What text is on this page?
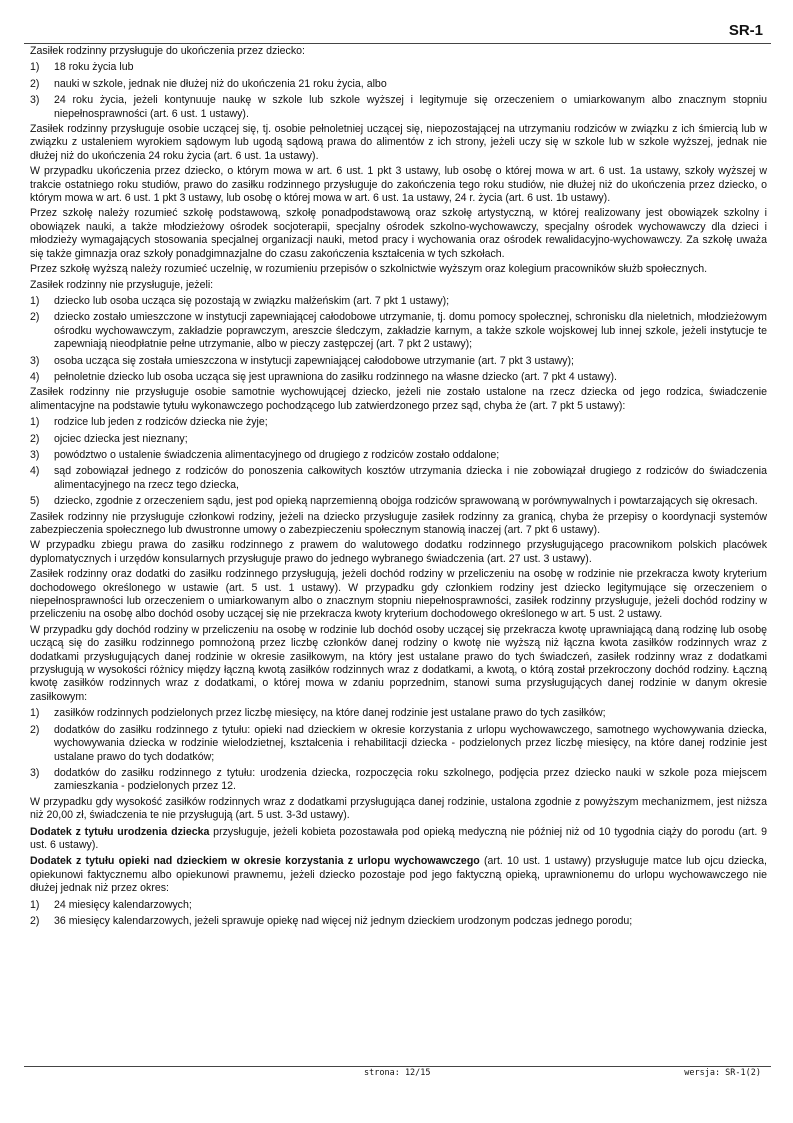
SR-1
Zasiłek rodzinny przysługuje do ukończenia przez dziecko:
1)	18 roku życia lub
2)	nauki w szkole, jednak nie dłużej niż do ukończenia 21 roku życia, albo
3)	24 roku życia, jeżeli kontynuuje naukę w szkole lub szkole wyższej i legitymuje się orzeczeniem o umiarkowanym albo znacznym stopniu niepełnosprawności (art. 6 ust. 1 ustawy).
Zasiłek rodzinny przysługuje osobie uczącej się, tj. osobie pełnoletniej uczącej się, niepozostającej na utrzymaniu rodziców w związku z ich śmiercią lub w związku z ustaleniem wyrokiem sądowym lub ugodą sądową prawa do alimentów z ich strony, jeżeli uczy się w szkole lub w szkole wyższej, jednak nie dłużej niż do ukończenia 24 roku życia (art. 6 ust. 1a ustawy).
W przypadku ukończenia przez dziecko, o którym mowa w art. 6 ust. 1 pkt 3 ustawy, lub osobę o której mowa w art. 6 ust. 1a ustawy, szkoły wyższej w trakcie ostatniego roku studiów, prawo do zasiłku rodzinnego przysługuje do zakończenia tego roku studiów, nie dłużej niż do ukończenia przez dziecko, o którym mowa w art. 6 ust. 1 pkt 3 ustawy, lub osobę o której mowa w art. 6 ust. 1a ustawy, 24 r. życia (art. 6 ust. 1b ustawy).
Przez szkołę należy rozumieć szkołę podstawową, szkołę ponadpodstawową oraz szkołę artystyczną, w której realizowany jest obowiązek szkolny i obowiązek nauki, a także młodzieżowy ośrodek socjoterapii, specjalny ośrodek szkolno-wychowawczy, specjalny ośrodek wychowawczy dla dzieci i młodzieży wymagających stosowania specjalnej organizacji nauki, metod pracy i wychowania oraz ośrodek rewalidacyjno-wychowawczy. Za szkołę uważa się także gimnazja oraz szkoły ponadgimnazjalne do czasu zakończenia kształcenia w tych szkołach.
Przez szkołę wyższą należy rozumieć uczelnię, w rozumieniu przepisów o szkolnictwie wyższym oraz kolegium pracowników służb społecznych.
Zasiłek rodzinny nie przysługuje, jeżeli:
1)	dziecko lub osoba ucząca się pozostają w związku małżeńskim (art. 7 pkt 1 ustawy);
2)	dziecko zostało umieszczone w instytucji zapewniającej całodobowe utrzymanie, tj. domu pomocy społecznej, schronisku dla nieletnich, młodzieżowym ośrodku wychowawczym, zakładzie poprawczym, areszcie śledczym, zakładzie karnym, a także szkole wojskowej lub innej szkole, jeżeli instytucje te zapewniają nieodpłatnie pełne utrzymanie, albo w pieczy zastępczej (art. 7 pkt 2 ustawy);
3)	osoba ucząca się została umieszczona w instytucji zapewniającej całodobowe utrzymanie (art. 7 pkt 3 ustawy);
4)	pełnoletnie dziecko lub osoba ucząca się jest uprawniona do zasiłku rodzinnego na własne dziecko (art. 7 pkt 4 ustawy).
Zasiłek rodzinny nie przysługuje osobie samotnie wychowującej dziecko, jeżeli nie zostało ustalone na rzecz dziecka od jego rodzica, świadczenie alimentacyjne na podstawie tytułu wykonawczego pochodzącego lub zatwierdzonego przez sąd, chyba że (art. 7 pkt 5 ustawy):
1)	rodzice lub jeden z rodziców dziecka nie żyje;
2)	ojciec dziecka jest nieznany;
3)	powództwo o ustalenie świadczenia alimentacyjnego od drugiego z rodziców zostało oddalone;
4)	sąd zobowiązał jednego z rodziców do ponoszenia całkowitych kosztów utrzymania dziecka i nie zobowiązał drugiego z rodziców do świadczenia alimentacyjnego na rzecz tego dziecka,
5)	dziecko, zgodnie z orzeczeniem sądu, jest pod opieką naprzemienną obojga rodziców sprawowaną w porównywalnych i powtarzających się okresach.
Zasiłek rodzinny nie przysługuje członkowi rodziny, jeżeli na dziecko przysługuje zasiłek rodzinny za granicą, chyba że przepisy o koordynacji systemów zabezpieczenia społecznego lub dwustronne umowy o zabezpieczeniu społecznym stanowią inaczej (art. 7 pkt 6 ustawy).
W przypadku zbiegu prawa do zasiłku rodzinnego z prawem do walutowego dodatku rodzinnego przysługującego pracownikom polskich placówek dyplomatycznych i urzędów konsularnych przysługuje prawo do jednego wybranego świadczenia (art. 27 ust. 3 ustawy).
Zasiłek rodzinny oraz dodatki do zasiłku rodzinnego przysługują, jeżeli dochód rodziny w przeliczeniu na osobę w rodzinie nie przekracza kwoty kryterium dochodowego określonego w ustawie (art. 5 ust. 1 ustawy). W przypadku gdy członkiem rodziny jest dziecko legitymujące się orzeczeniem o niepełnosprawności lub orzeczeniem o umiarkowanym albo o znacznym stopniu niepełnosprawności, zasiłek rodzinny przysługuje, jeżeli dochód rodziny w przeliczeniu na osobę albo dochód osoby uczącej się nie przekracza kwoty kryterium dochodowego określonego w art. 5 ust. 2 ustawy.
W przypadku gdy dochód rodziny w przeliczeniu na osobę w rodzinie lub dochód osoby uczącej się przekracza kwotę uprawniającą daną rodzinę lub osobę uczącą się do zasiłku rodzinnego pomnożoną przez liczbę członków danej rodziny o kwotę nie wyższą niż łączna kwota zasiłków rodzinnych wraz z dodatkami przysługujących danej rodzinie w okresie zasiłkowym, na który jest ustalane prawo do tych świadczeń, zasiłek rodzinny wraz z dodatkami przysługują w wysokości różnicy między łączną kwotą zasiłków rodzinnych wraz z dodatkami, a kwotą, o którą został przekroczony dochód rodziny. Łączną kwotę zasiłków rodzinnych wraz z dodatkami, o której mowa w zdaniu poprzednim, stanowi suma przysługujących danej rodzinie w danym okresie zasiłkowym:
1)	zasiłków rodzinnych podzielonych przez liczbę miesięcy, na które danej rodzinie jest ustalane prawo do tych zasiłków;
2)	dodatków do zasiłku rodzinnego z tytułu: opieki nad dzieckiem w okresie korzystania z urlopu wychowawczego, samotnego wychowywania dziecka, wychowywania dziecka w rodzinie wielodzietnej, kształcenia i rehabilitacji dziecka - podzielonych przez liczbę miesięcy, na które danej rodzinie jest ustalane prawo do tych dodatków;
3)	dodatków do zasiłku rodzinnego z tytułu: urodzenia dziecka, rozpoczęcia roku szkolnego, podjęcia przez dziecko nauki w szkole poza miejscem zamieszkania - podzielonych przez 12.
W przypadku gdy wysokość zasiłków rodzinnych wraz z dodatkami przysługująca danej rodzinie, ustalona zgodnie z powyższym mechanizmem, jest niższa niż 20,00 zł, świadczenia te nie przysługują (art. 5 ust. 3-3d ustawy).
Dodatek z tytułu urodzenia dziecka przysługuje, jeżeli kobieta pozostawała pod opieką medyczną nie później niż od 10 tygodnia ciąży do porodu (art. 9 ust. 6 ustawy).
Dodatek z tytułu opieki nad dzieckiem w okresie korzystania z urlopu wychowawczego (art. 10 ust. 1 ustawy) przysługuje matce lub ojcu dziecka, opiekunowi faktycznemu albo opiekunowi prawnemu, jeżeli dziecko pozostaje pod jego faktyczną opieką, uprawnionemu do urlopu wychowawczego nie dłużej jednak niż przez okres:
1)	24 miesięcy kalendarzowych;
2)	36 miesięcy kalendarzowych, jeżeli sprawuje opiekę nad więcej niż jednym dzieckiem urodzonym podczas jednego porodu;
strona: 12/15	wersja: SR-1(2)
